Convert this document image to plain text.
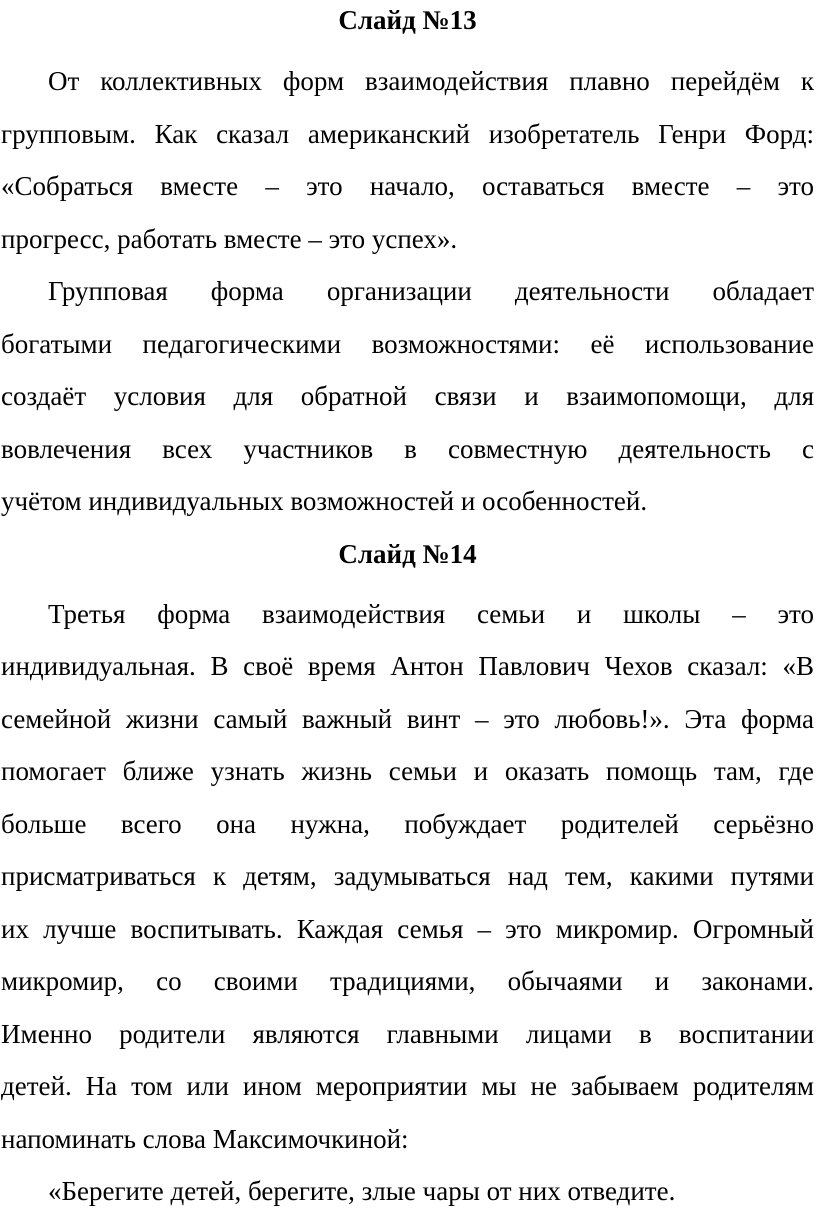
Слайд №13
От коллективных форм взаимодействия плавно перейдём к
групповым. Как сказал американский изобретатель Генри Форд:
«Собраться вместе – это начало, оставаться вместе – это
прогресс, работать вместе – это успех».
Групповая форма организации деятельности обладает
богатыми педагогическими возможностями: её использование
создаёт условия для обратной связи и взаимопомощи, для
вовлечения всех участников в совместную деятельность с
учётом индивидуальных возможностей и особенностей.
Слайд №14
Третья форма взаимодействия семьи и школы – это
индивидуальная. В своё время Антон Павлович Чехов сказал: «В
семейной жизни самый важный винт – это любовь!». Эта форма
помогает ближе узнать жизнь семьи и оказать помощь там, где
больше всего она нужна, побуждает родителей серьёзно
присматриваться к детям, задумываться над тем, какими путями
их лучше воспитывать. Каждая семья – это микромир. Огромный
микромир, со своими традициями, обычаями и законами.
Именно родители являются главными лицами в воспитании
детей. На том или ином мероприятии мы не забываем родителям
напоминать слова Максимочкиной:
«Берегите детей, берегите, злые чары от них отведите.
